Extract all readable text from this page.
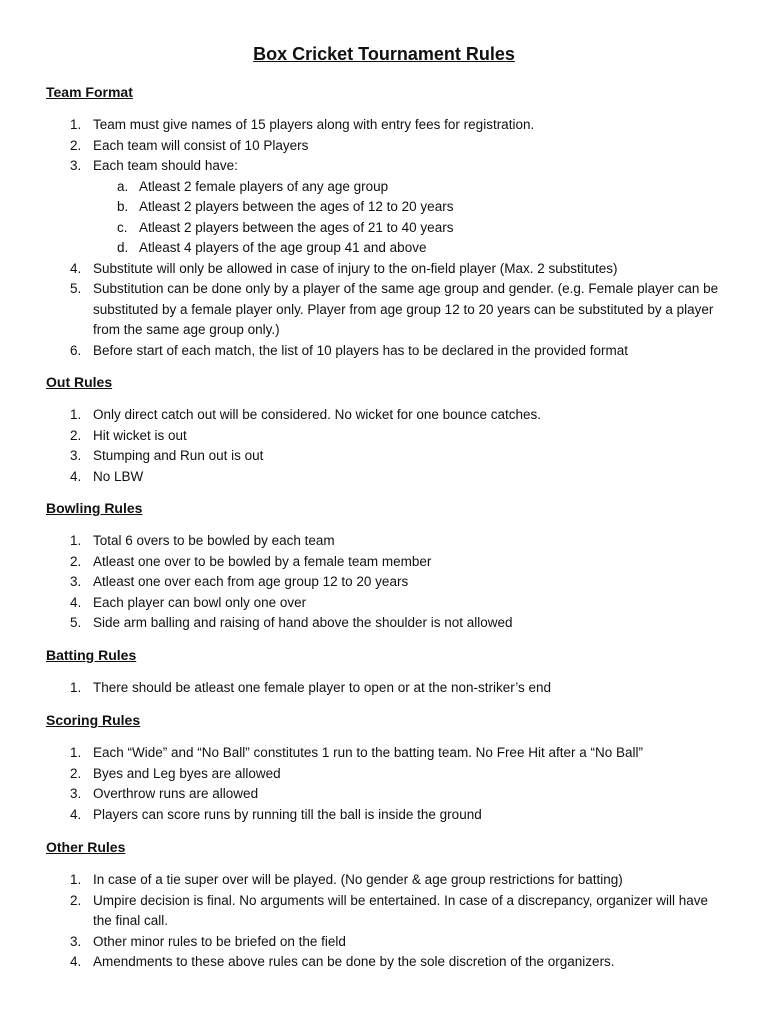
Box Cricket Tournament Rules

Team Format

1. Team must give names of 15 players along with entry fees for registration.
2. Each team will consist of 10 Players
3. Each team should have:
a. Atleast 2 female players of any age group
b. Atleast 2 players between the ages of 12 to 20 years
c. Atleast 2 players between the ages of 21 to 40 years
d. Atleast 4 players of the age group 41 and above
4. Substitute will only be allowed in case of injury to the on-field player (Max. 2 substitutes)
5. Substitution can be done only by a player of the same age group and gender. (e.g. Female player can be substituted by a female player only. Player from age group 12 to 20 years can be substituted by a player from the same age group only.)
6. Before start of each match, the list of 10 players has to be declared in the provided format

Out Rules

1. Only direct catch out will be considered. No wicket for one bounce catches.
2. Hit wicket is out
3. Stumping and Run out is out
4. No LBW

Bowling Rules

1. Total 6 overs to be bowled by each team
2. Atleast one over to be bowled by a female team member
3. Atleast one over each from age group 12 to 20 years
4. Each player can bowl only one over
5. Side arm balling and raising of hand above the shoulder is not allowed

Batting Rules

1. There should be atleast one female player to open or at the non-striker’s end

Scoring Rules

1. Each “Wide” and “No Ball” constitutes 1 run to the batting team. No Free Hit after a “No Ball”
2. Byes and Leg byes are allowed
3. Overthrow runs are allowed
4. Players can score runs by running till the ball is inside the ground

Other Rules

1. In case of a tie super over will be played. (No gender & age group restrictions for batting)
2. Umpire decision is final. No arguments will be entertained. In case of a discrepancy, organizer will have the final call.
3. Other minor rules to be briefed on the field
4. Amendments to these above rules can be done by the sole discretion of the organizers.
